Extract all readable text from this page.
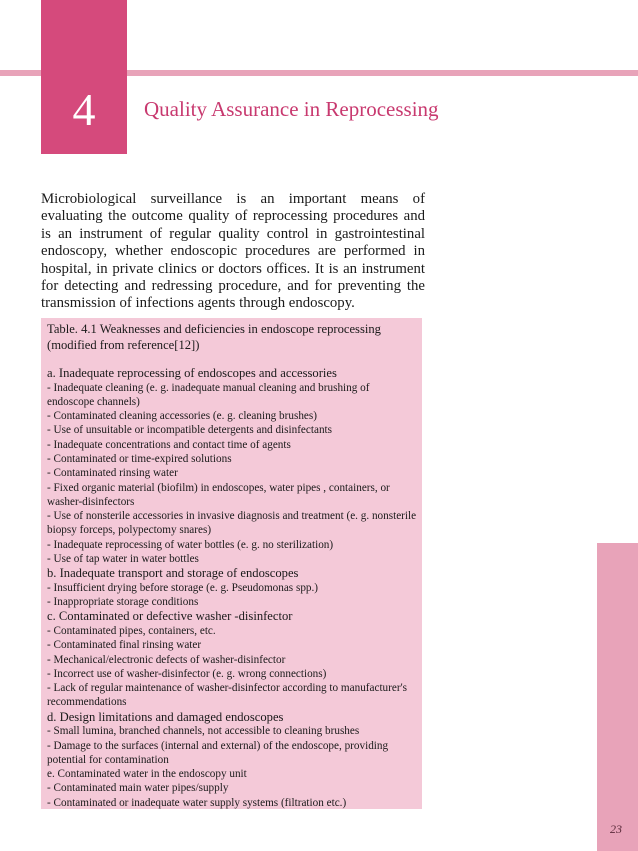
4	Quality Assurance in Reprocessing

Microbiological surveillance is an important means of evaluating the outcome quality of reprocessing procedures and is an instrument of regular quality control in gastrointestinal endoscopy, whether endoscopic procedures are performed in hospital, in private clinics or doctors offices. It is an instrument for detecting and redressing procedure, and for preventing the transmission of infections agents through endoscopy.

Table. 4.1 Weaknesses and deficiencies in endoscope reprocessing (modified from reference[12])
a. Inadequate reprocessing of endoscopes and accessories
- Inadequate cleaning (e. g. inadequate manual cleaning and brushing of endoscope channels)
- Contaminated cleaning accessories (e. g. cleaning brushes)
- Use of unsuitable or incompatible detergents and disinfectants
- Inadequate concentrations and contact time of agents
- Contaminated or time-expired solutions
- Contaminated rinsing water
- Fixed organic material (biofilm) in endoscopes, water pipes , containers, or washer-disinfectors
- Use of nonsterile accessories in invasive diagnosis and treatment (e. g. nonsterile biopsy forceps, polypectomy snares)
- Inadequate reprocessing of water bottles (e. g. no sterilization)
- Use of tap water in water bottles
b. Inadequate transport and storage of endoscopes
- Insufficient drying before storage (e. g. Pseudomonas spp.)
- Inappropriate storage conditions
c. Contaminated or defective washer -disinfector
- Contaminated pipes, containers, etc.
- Contaminated final rinsing water
- Mechanical/electronic defects of washer-disinfector
- Incorrect use of washer-disinfector (e. g. wrong connections)
- Lack of regular maintenance of washer-disinfector according to manufacturer's recommendations
d. Design limitations and damaged endoscopes
- Small lumina, branched channels, not accessible to cleaning brushes
- Damage to the surfaces (internal and external) of the endoscope, providing potential for contamination
e. Contaminated water in the endoscopy unit
- Contaminated main water pipes/supply
- Contaminated or inadequate water supply systems (filtration etc.)
23
